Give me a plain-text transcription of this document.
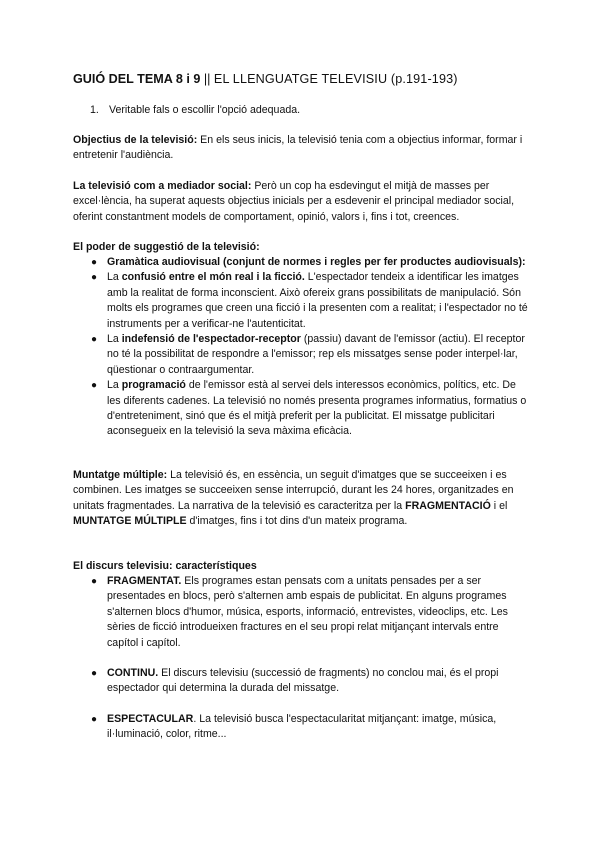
GUIÓ DEL TEMA 8 i 9 || EL LLENGUATGE TELEVISIU (p.191-193)
1. Veritable fals o escollir l'opció adequada.
Objectius de la televisió: En els seus inicis, la televisió tenia com a objectius informar, formar i entretenir l'audiència.
La televisió com a mediador social: Però un cop ha esdevingut el mitjà de masses per excel·lència, ha superat aquests objectius inicials per a esdevenir el principal mediador social, oferint constantment models de comportament, opinió, valors i, fins i tot, creences.
El poder de suggestió de la televisió:
● Gramàtica audiovisual (conjunt de normes i regles per fer productes audiovisuals):
● La confusió entre el món real i la ficció. L'espectador tendeix a identificar les imatges amb la realitat de forma inconscient. Això ofereix grans possibilitats de manipulació. Són molts els programes que creen una ficció i la presenten com a realitat; i l'espectador no té instruments per a verificar-ne l'autenticitat.
● La indefensió de l'espectador-receptor (passiu) davant de l'emissor (actiu). El receptor no té la possibilitat de respondre a l'emissor; rep els missatges sense poder interpel·lar, qüestionar o contraargumentar.
● La programació de l'emissor està al servei dels interessos econòmics, polítics, etc. De les diferents cadenes. La televisió no només presenta programes informatius, formatius o d'entreteniment, sinó que és el mitjà preferit per la publicitat. El missatge publicitari aconsegueix en la televisió la seva màxima eficàcia.
Muntatge múltiple: La televisió és, en essència, un seguit d'imatges que se succeeixen i es combinen. Les imatges se succeeixen sense interrupció, durant les 24 hores, organitzades en unitats fragmentades. La narrativa de la televisió es caracteritza per la FRAGMENTACIÓ i el MUNTATGE MÚLTIPLE d'imatges, fins i tot dins d'un mateix programa.
El discurs televisiu: característiques
● FRAGMENTAT. Els programes estan pensats com a unitats pensades per a ser presentades en blocs, però s'alternen amb espais de publicitat. En alguns programes s'alternen blocs d'humor, música, esports, informació, entrevistes, videoclips, etc. Les sèries de ficció introdueixen fractures en el seu propi relat mitjançant intervals entre capítol i capítol.
● CONTINU. El discurs televisiu (successió de fragments) no conclou mai, és el propi espectador qui determina la durada del missatge.
● ESPECTACULAR. La televisió busca l'espectacularitat mitjançant: imatge, música, il·luminació, color, ritme...
